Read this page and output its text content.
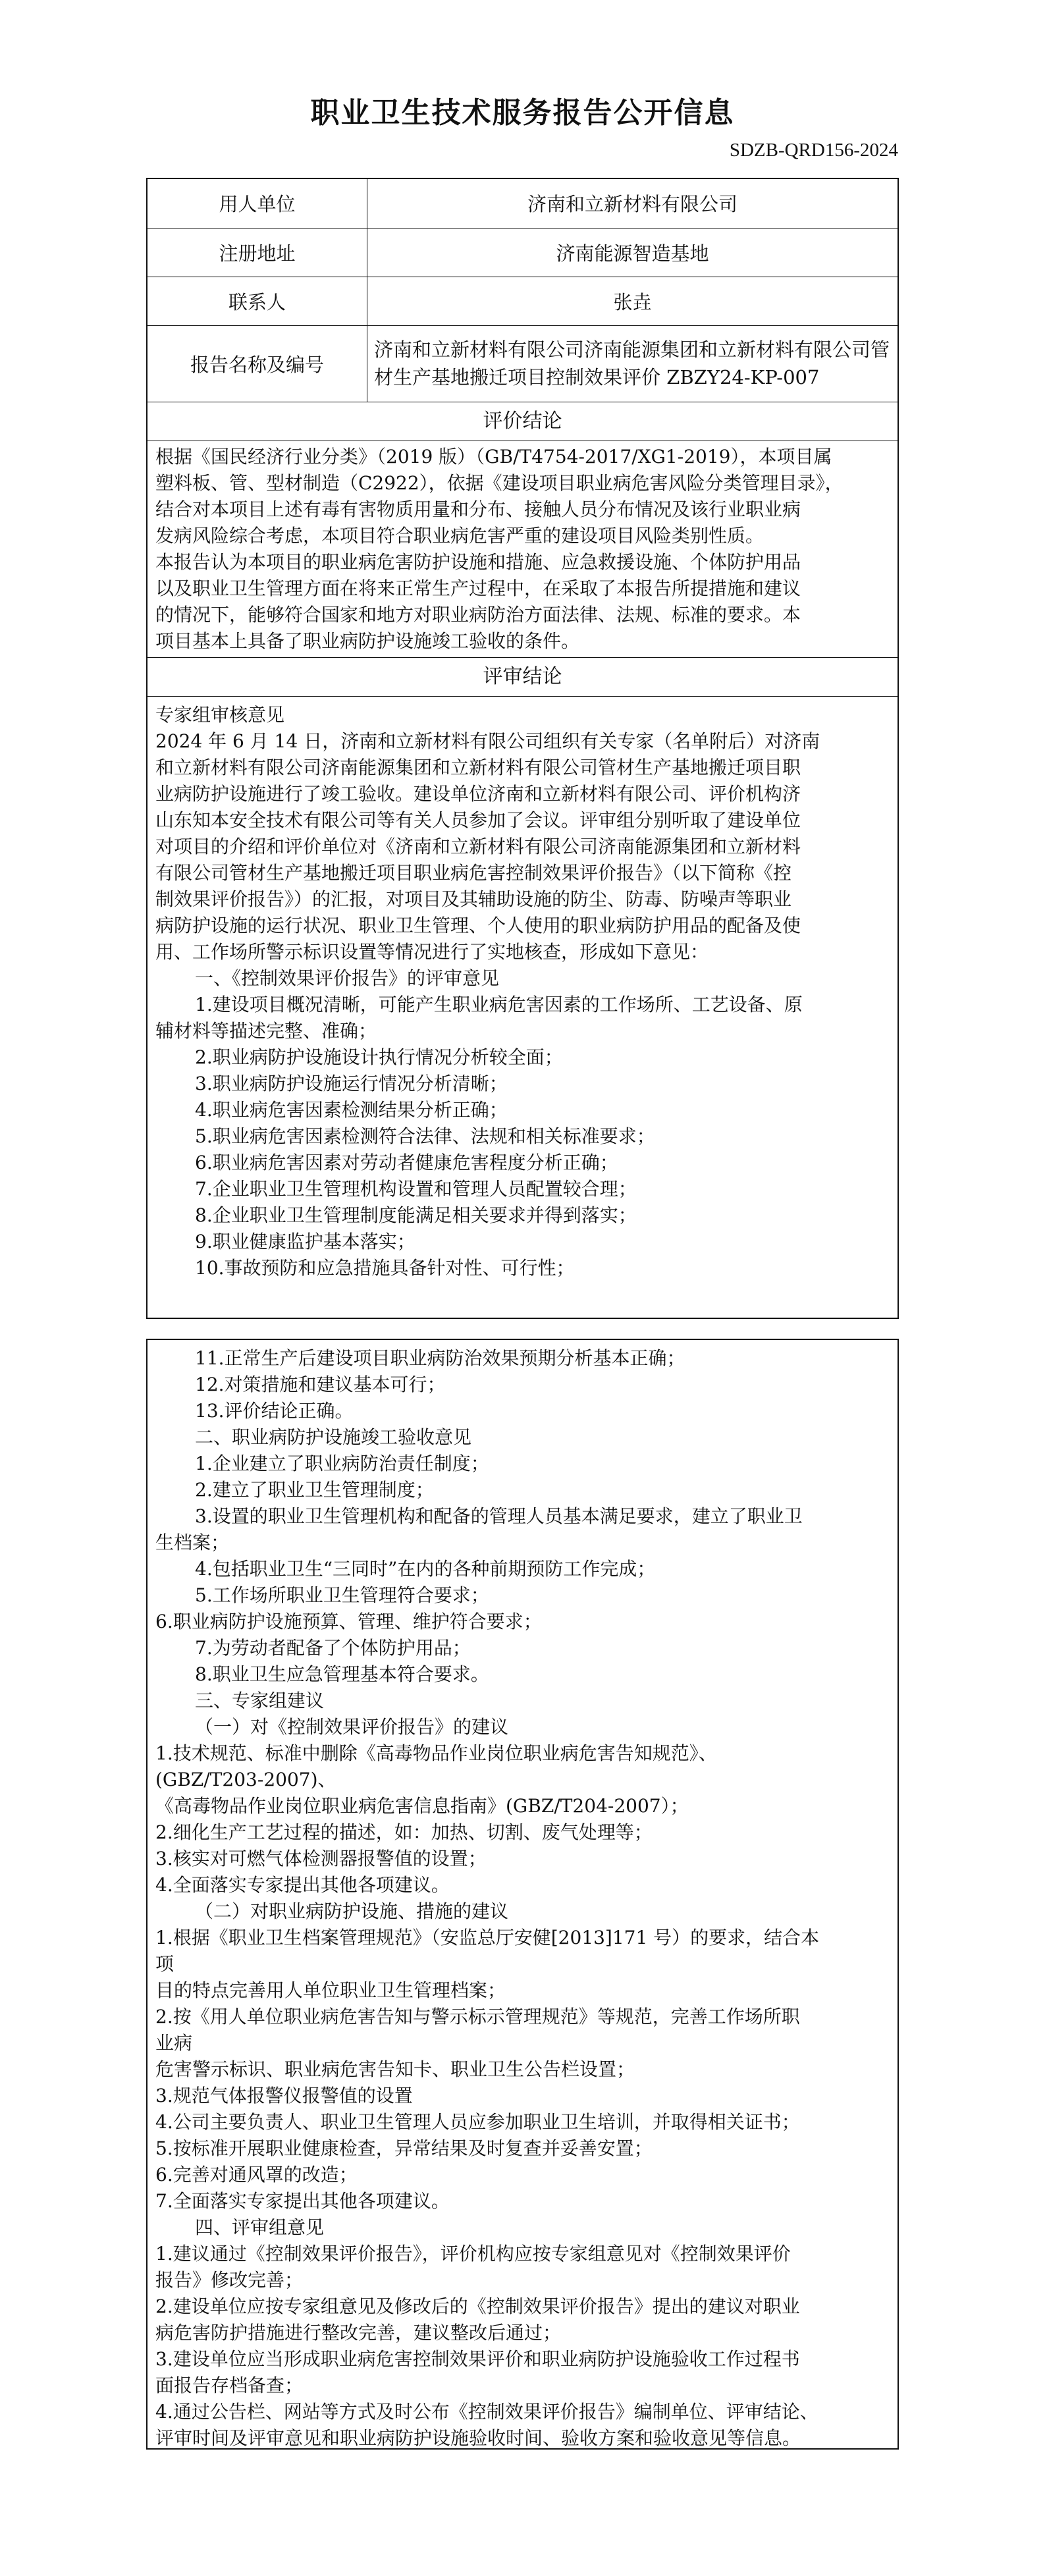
职业卫生技术服务报告公开信息
SDZB-QRD156-2024
用人单位	济南和立新材料有限公司
注册地址	济南能源智造基地
联系人	张垚
报告名称及编号	济南和立新材料有限公司济南能源集团和立新材料有限公司管材生产基地搬迁项目控制效果评价 ZBZY24-KP-007
评价结论

根据《国民经济行业分类》（2019 版）（GB/T4754-2017/XG1-2019），本项目属

塑料板、管、型材制造（C2922），依据《建设项目职业病危害风险分类管理目录》，

结合对本项目上述有毒有害物质用量和分布、接触人员分布情况及该行业职业病

发病风险综合考虑，本项目符合职业病危害严重的建设项目风险类别性质。

本报告认为本项目的职业病危害防护设施和措施、应急救援设施、个体防护用品

以及职业卫生管理方面在将来正常生产过程中，在采取了本报告所提措施和建议

的情况下，能够符合国家和地方对职业病防治方面法律、法规、标准的要求。本

项目基本上具备了职业病防护设施竣工验收的条件。

评审结论

专家组审核意见

2024 年 6 月 14 日，济南和立新材料有限公司组织有关专家（名单附后）对济南

和立新材料有限公司济南能源集团和立新材料有限公司管材生产基地搬迁项目职

业病防护设施进行了竣工验收。建设单位济南和立新材料有限公司、评价机构济

山东知本安全技术有限公司等有关人员参加了会议。评审组分别听取了建设单位

对项目的介绍和评价单位对《济南和立新材料有限公司济南能源集团和立新材料

有限公司管材生产基地搬迁项目职业病危害控制效果评价报告》（以下简称《控

制效果评价报告》）的汇报，对项目及其辅助设施的防尘、防毒、防噪声等职业

病防护设施的运行状况、职业卫生管理、个人使用的职业病防护用品的配备及使

用、工作场所警示标识设置等情况进行了实地核查，形成如下意见：

一、《控制效果评价报告》的评审意见

1.建设项目概况清晰，可能产生职业病危害因素的工作场所、工艺设备、原

辅材料等描述完整、准确；

2.职业病防护设施设计执行情况分析较全面；

3.职业病防护设施运行情况分析清晰；

4.职业病危害因素检测结果分析正确；

5.职业病危害因素检测符合法律、法规和相关标准要求；

6.职业病危害因素对劳动者健康危害程度分析正确；

7.企业职业卫生管理机构设置和管理人员配置较合理；

8.企业职业卫生管理制度能满足相关要求并得到落实；

9.职业健康监护基本落实；

10.事故预防和应急措施具备针对性、可行性；

11.正常生产后建设项目职业病防治效果预期分析基本正确；

12.对策措施和建议基本可行；

13.评价结论正确。

二、职业病防护设施竣工验收意见

1.企业建立了职业病防治责任制度；

2.建立了职业卫生管理制度；

3.设置的职业卫生管理机构和配备的管理人员基本满足要求，建立了职业卫

生档案；

4.包括职业卫生“三同时”在内的各种前期预防工作完成；

5.工作场所职业卫生管理符合要求；

6.职业病防护设施预算、管理、维护符合要求；

7.为劳动者配备了个体防护用品；

8.职业卫生应急管理基本符合要求。

三、专家组建议

（一）对《控制效果评价报告》的建议

1.技术规范、标准中删除《高毒物品作业岗位职业病危害告知规范》、

(GBZ/T203-2007)、

《高毒物品作业岗位职业病危害信息指南》(GBZ/T204-2007）；

2.细化生产工艺过程的描述，如：加热、切割、废气处理等；

3.核实对可燃气体检测器报警值的设置；

4.全面落实专家提出其他各项建议。

（二）对职业病防护设施、措施的建议

1.根据《职业卫生档案管理规范》（安监总厅安健[2013]171 号）的要求，结合本

项

目的特点完善用人单位职业卫生管理档案；

2.按《用人单位职业病危害告知与警示标示管理规范》等规范，完善工作场所职

业病

危害警示标识、职业病危害告知卡、职业卫生公告栏设置；

3.规范气体报警仪报警值的设置

4.公司主要负责人、职业卫生管理人员应参加职业卫生培训，并取得相关证书；

5.按标准开展职业健康检查，异常结果及时复查并妥善安置；

6.完善对通风罩的改造；

7.全面落实专家提出其他各项建议。

四、评审组意见

1.建议通过《控制效果评价报告》，评价机构应按专家组意见对《控制效果评价

报告》修改完善；

2.建设单位应按专家组意见及修改后的《控制效果评价报告》提出的建议对职业

病危害防护措施进行整改完善，建议整改后通过；

3.建设单位应当形成职业病危害控制效果评价和职业病防护设施验收工作过程书

面报告存档备查；

4.通过公告栏、网站等方式及时公布《控制效果评价报告》编制单位、评审结论、

评审时间及评审意见和职业病防护设施验收时间、验收方案和验收意见等信息。
